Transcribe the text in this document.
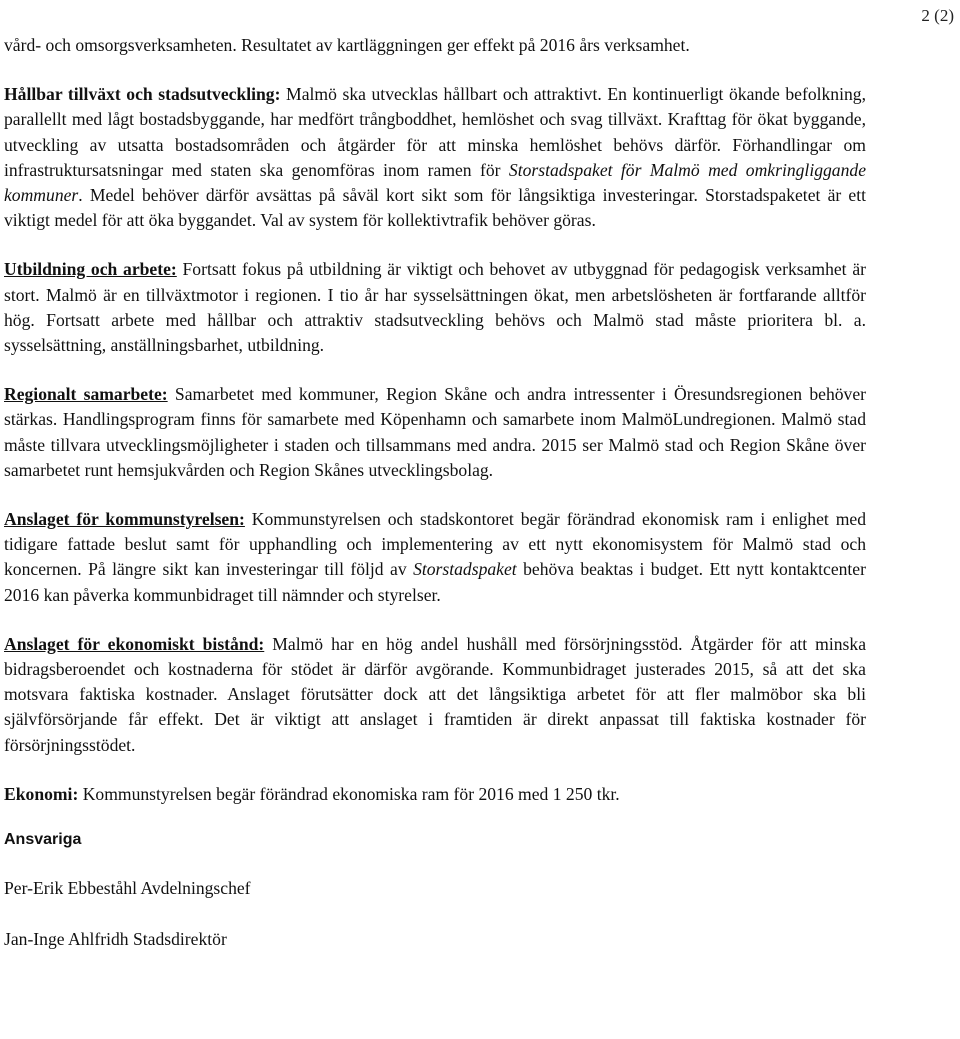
2 (2)

vård- och omsorgsverksamheten. Resultatet av kartläggningen ger effekt på 2016 års verksamhet.

Hållbar tillväxt och stadsutveckling: Malmö ska utvecklas hållbart och attraktivt. En kontinuerligt ökande befolkning, parallellt med lågt bostadsbyggande, har medfört trångboddhet, hemlöshet och svag tillväxt. Krafttag för ökat byggande, utveckling av utsatta bostadsområden och åtgärder för att minska hemlöshet behövs därför. Förhandlingar om infrastruktursatsningar med staten ska genomföras inom ramen för Storstadspaket för Malmö med omkringliggande kommuner. Medel behöver därför avsättas på såväl kort sikt som för långsiktiga investeringar. Storstadspaketet är ett viktigt medel för att öka byggandet. Val av system för kollektivtrafik behöver göras.

Utbildning och arbete: Fortsatt fokus på utbildning är viktigt och behovet av utbyggnad för pedagogisk verksamhet är stort. Malmö är en tillväxtmotor i regionen. I tio år har sysselsättningen ökat, men arbetslösheten är fortfarande alltför hög. Fortsatt arbete med hållbar och attraktiv stadsutveckling behövs och Malmö stad måste prioritera bl. a. sysselsättning, anställningsbarhet, utbildning.

Regionalt samarbete: Samarbetet med kommuner, Region Skåne och andra intressenter i Öresundsregionen behöver stärkas. Handlingsprogram finns för samarbete med Köpenhamn och samarbete inom MalmöLundregionen. Malmö stad måste tillvara utvecklingsmöjligheter i staden och tillsammans med andra. 2015 ser Malmö stad och Region Skåne över samarbetet runt hemsjukvården och Region Skånes utvecklingsbolag.

Anslaget för kommunstyrelsen: Kommunstyrelsen och stadskontoret begär förändrad ekonomisk ram i enlighet med tidigare fattade beslut samt för upphandling och implementering av ett nytt ekonomisystem för Malmö stad och koncernen. På längre sikt kan investeringar till följd av Storstadspaket behöva beaktas i budget. Ett nytt kontaktcenter 2016 kan påverka kommunbidraget till nämnder och styrelser.

Anslaget för ekonomiskt bistånd: Malmö har en hög andel hushåll med försörjningsstöd. Åtgärder för att minska bidragsberoendet och kostnaderna för stödet är därför avgörande. Kommunbidraget justerades 2015, så att det ska motsvara faktiska kostnader. Anslaget förutsätter dock att det långsiktiga arbetet för att fler malmöbor ska bli självförsörjande får effekt. Det är viktigt att anslaget i framtiden är direkt anpassat till faktiska kostnader för försörjningsstödet.

Ekonomi: Kommunstyrelsen begär förändrad ekonomiska ram för 2016 med 1 250 tkr.

Ansvariga

Per-Erik Ebbeståhl Avdelningschef

Jan-Inge Ahlfridh Stadsdirektör
